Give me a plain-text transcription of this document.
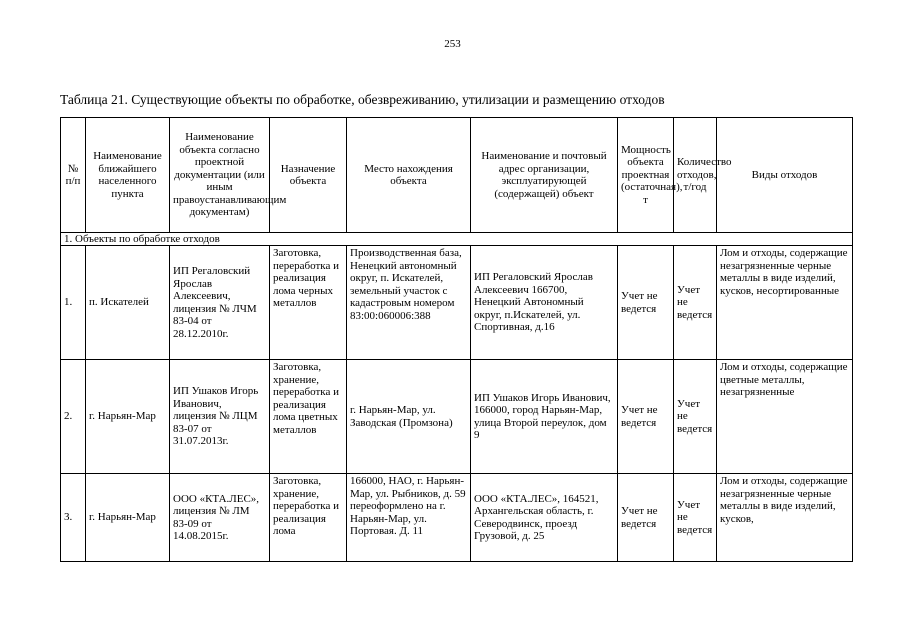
253
Таблица 21. Существующие объекты по обработке, обезвреживанию, утилизации и размещению отходов
№ п/п	Наименование ближайшего населенного пункта	Наименование объекта согласно проектной документации (или иным правоустанавливающим документам)	Назначение объекта	Место нахождения объекта	Наименование и почтовый адрес организации, эксплуатирующей (содержащей) объект	Мощность объекта проектная (остаточная), т	Количество отходов, т/год	Виды отходов
1. Объекты по обработке отходов								
1.	п. Искателей	ИП Регаловский Ярослав Алексеевич, лицензия № ЛЧМ 83-04 от 28.12.2010г.	Заготовка, переработка и реализация лома черных металлов	Производственная база, Ненецкий автономный округ, п. Искателей, земельный участок с кадастровым номером 83:00:060006:388	ИП Регаловский Ярослав Алексеевич 166700, Ненецкий Автономный округ, п.Искателей, ул. Спортивная, д.16	Учет не ведется	Учет не ведется	Лом и отходы, содержащие незагрязненные черные металлы в виде изделий, кусков, несортированные
2.	г. Нарьян-Мар	ИП Ушаков Игорь Иванович, лицензия № ЛЦМ 83-07 от 31.07.2013г.	Заготовка, хранение, переработка и реализация лома цветных металлов	г. Нарьян-Мар, ул. Заводская (Промзона)	ИП Ушаков Игорь Иванович, 166000, город Нарьян-Мар, улица Второй переулок, дом 9	Учет не ведется	Учет не ведется	Лом и отходы, содержащие цветные металлы, незагрязненные
3.	г. Нарьян-Мар	ООО «КТА.ЛЕС», лицензия № ЛМ 83-09 от 14.08.2015г.	Заготовка, хранение, переработка и реализация лома	166000, НАО, г. Нарьян-Мар, ул. Рыбников, д. 59 переоформлено на г. Нарьян-Мар, ул. Портовая. Д. 11	ООО «КТА.ЛЕС», 164521, Архангельская область, г. Северодвинск, проезд Грузовой, д. 25	Учет не ведется	Учет не ведется	Лом и отходы, содержащие незагрязненные черные металлы в виде изделий, кусков,
